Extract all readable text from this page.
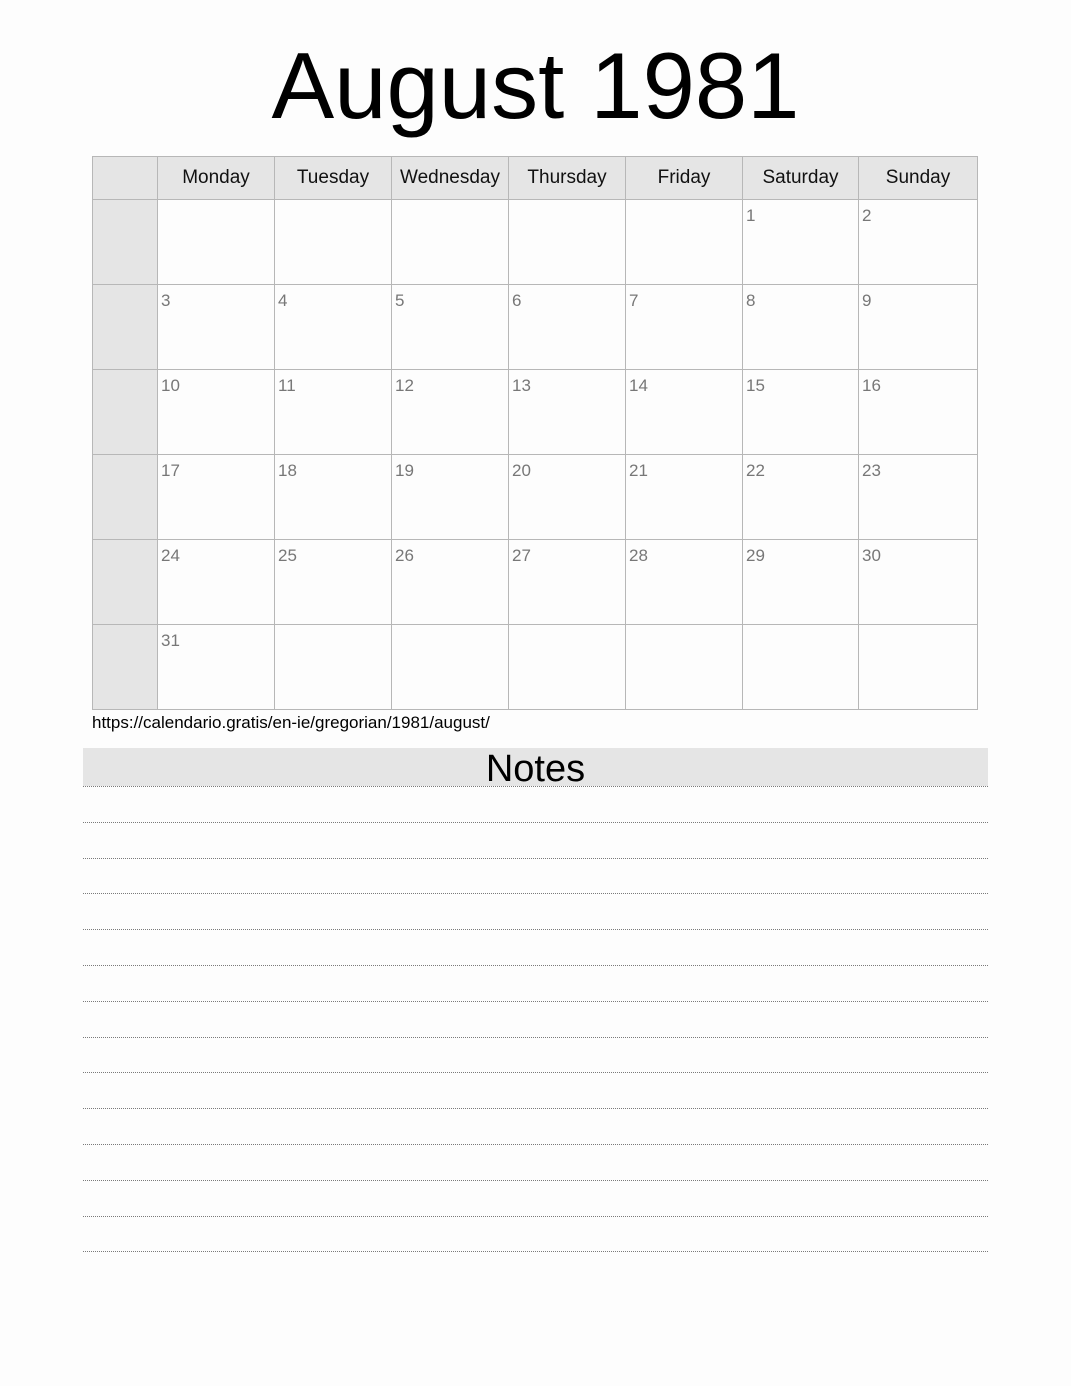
August 1981
	Monday	Tuesday	Wednesday	Thursday	Friday	Saturday	Sunday

						1	2

	3	4	5	6	7	8	9

	10	11	12	13	14	15	16

	17	18	19	20	21	22	23

	24	25	26	27	28	29	30

	31						

https://calendario.gratis/en-ie/gregorian/1981/august/
Notes
